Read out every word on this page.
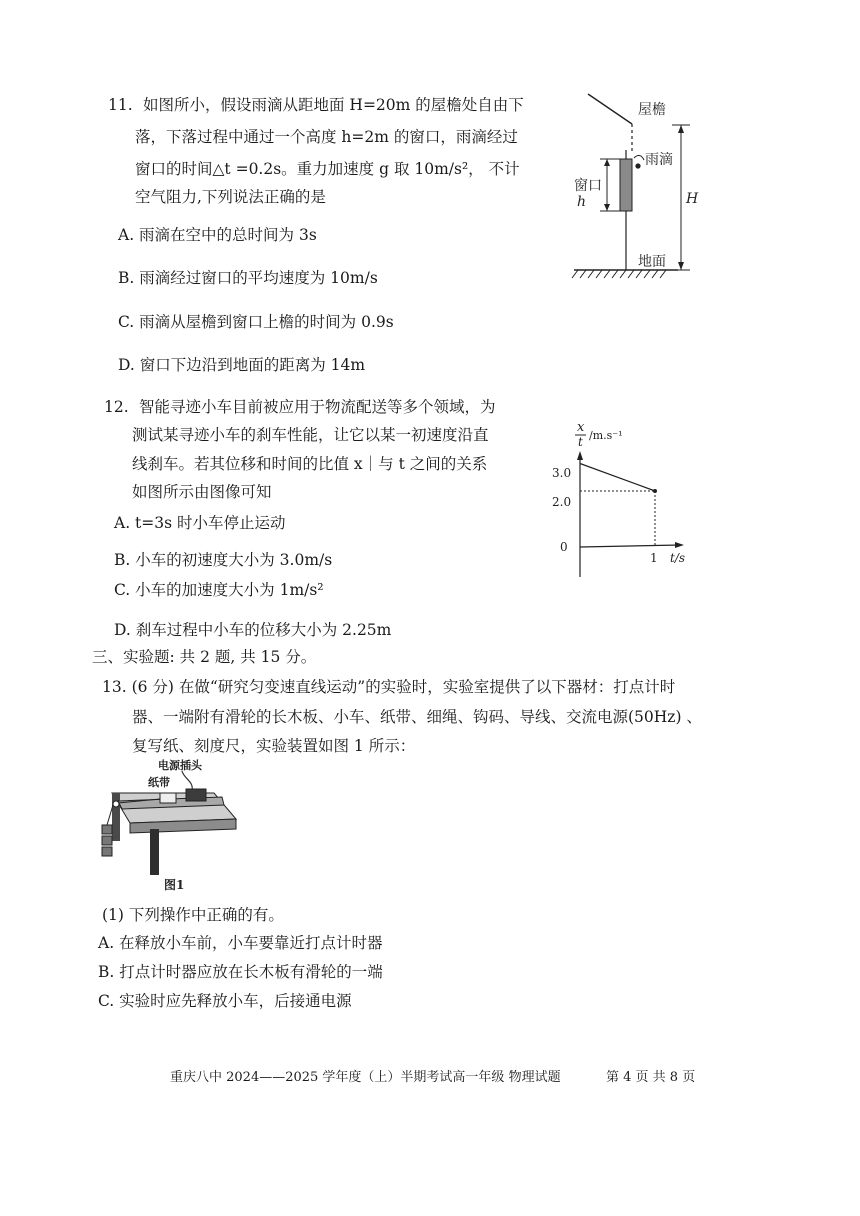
11. 如图所小，假设雨滴从距地面 H=20m 的屋檐处自由下
落，下落过程中通过一个高度 h=2m 的窗口，雨滴经过
窗口的时间△t =0.2s。重力加速度 g 取 10m/s²， 不计
空气阻力,下列说法正确的是
A. 雨滴在空中的总时间为 3s
B. 雨滴经过窗口的平均速度为 10m/s
C. 雨滴从屋檐到窗口上檐的时间为 0.9s
D. 窗口下边沿到地面的距离为 14m
屋檐
H
窗口
h
雨滴
地面
12. 智能寻迹小车目前被应用于物流配送等多个领域，为
测试某寻迹小车的刹车性能，让它以某一初速度沿直
线刹车。若其位移和时间的比值 x｜与 t 之间的关系
如图所示由图像可知
A. t=3s 时小车停止运动
B. 小车的初速度大小为 3.0m/s
C. 小车的加速度大小为 1m/s²
D. 刹车过程中小车的位移大小为 2.25m
x
t /m.s⁻¹
t/s
3.0
2.0
0
1
三、实验题: 共 2 题, 共 15 分。
13. (6 分) 在做“研究匀变速直线运动”的实验时，实验室提供了以下器材：打点计时
器、一端附有滑轮的长木板、小车、纸带、细绳、钩码、导线、交流电源(50Hz) 、
复写纸、刻度尺，实验装置如图 1 所示：
电源插头
纸带
图1
(1) 下列操作中正确的有。
A. 在释放小车前，小车要靠近打点计时器
B. 打点计时器应放在长木板有滑轮的一端
C. 实验时应先释放小车，后接通电源
重庆八中 2024——2025 学年度（上）半期考试高一年级 物理试题	第 4 页 共 8 页
